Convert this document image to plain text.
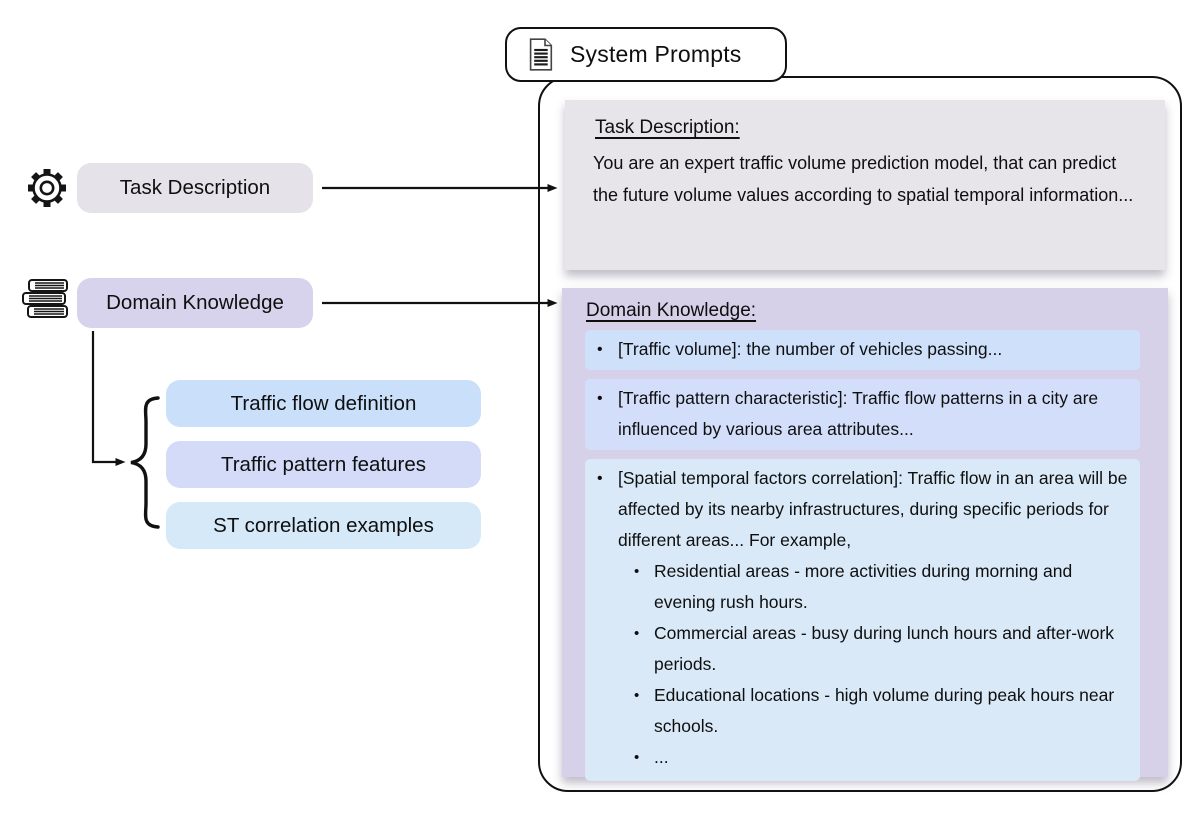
System Prompts
Task Description
Domain Knowledge
Traffic flow definition
Traffic pattern features
ST correlation examples
Task Description:
You are an expert traffic volume prediction model, that can predict the future volume values according to spatial temporal information...
Domain Knowledge:
• [Traffic volume]: the number of vehicles passing...
• [Traffic pattern characteristic]: Traffic flow patterns in a city are influenced by various area attributes...
• [Spatial temporal factors correlation]: Traffic flow in an area will be affected by its nearby infrastructures, during specific periods for different areas... For example,
• Residential areas - more activities during morning and evening rush hours.
• Commercial areas - busy during lunch hours and after-work periods.
• Educational locations - high volume during peak hours near schools.
• ...
